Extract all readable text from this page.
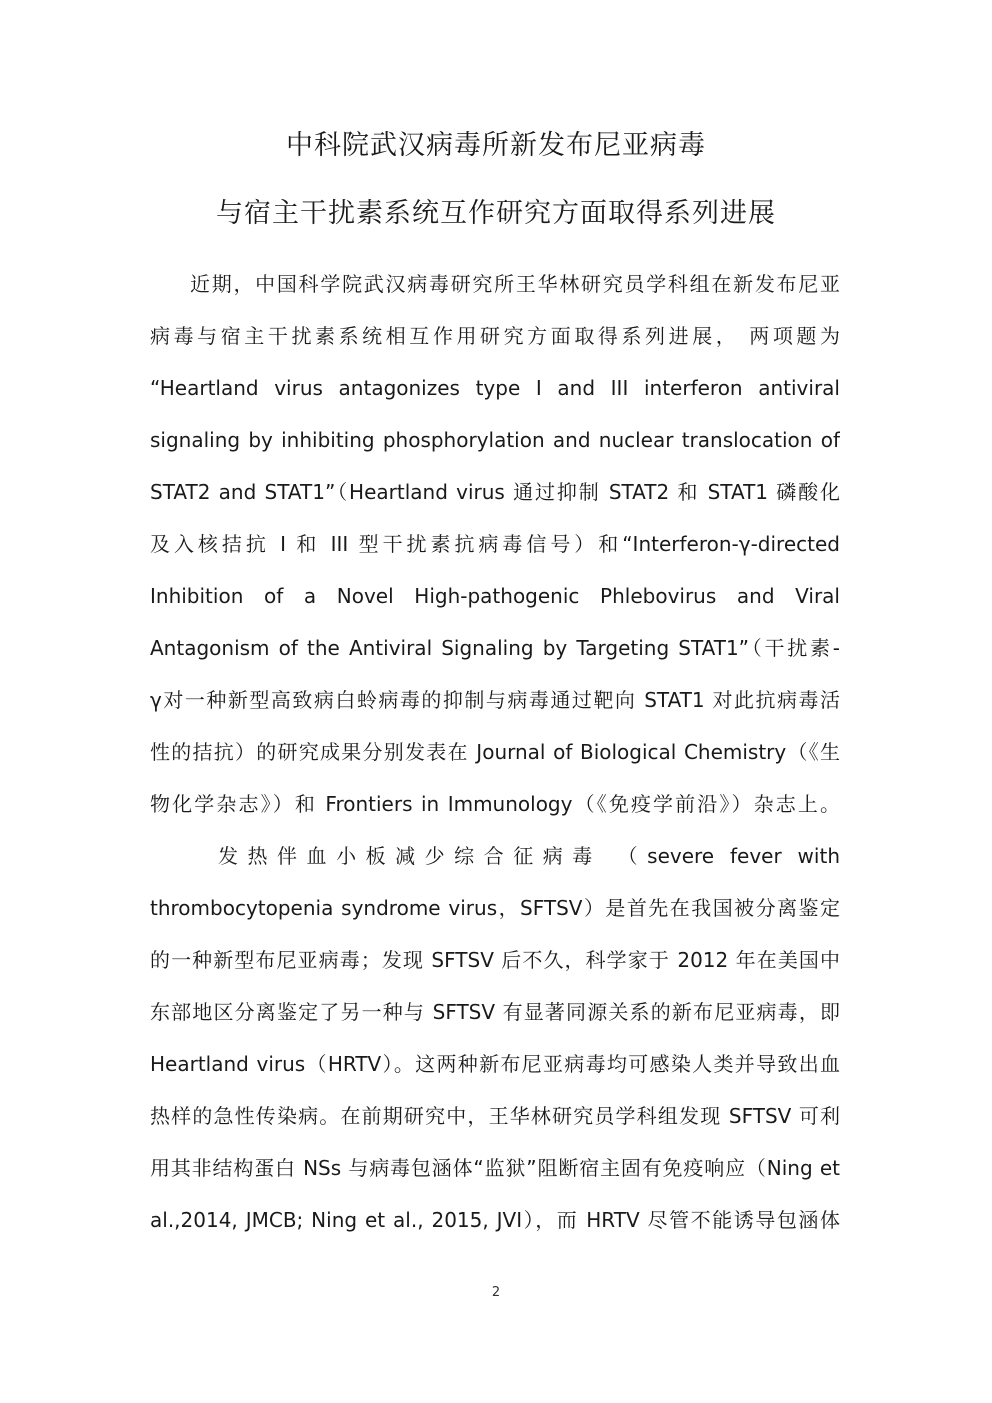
中科院武汉病毒所新发布尼亚病毒
与宿主干扰素系统互作研究方面取得系列进展
近期，中国科学院武汉病毒研究所王华林研究员学科组在新发布尼亚
病毒与宿主干扰素系统相互作用研究方面取得系列进展， 两项题为
“Heartland virus antagonizes type I and III interferon antiviral
signaling by inhibiting phosphorylation and nuclear translocation of
STAT2 and STAT1”（Heartland virus 通过抑制 STAT2 和 STAT1 磷酸化
及入核拮抗 I 和 III 型干扰素抗病毒信号）和“Interferon-γ-directed
Inhibition of a Novel High-pathogenic Phlebovirus and Viral
Antagonism of the Antiviral Signaling by Targeting STAT1”（干扰素-
γ对一种新型高致病白蛉病毒的抑制与病毒通过靶向 STAT1 对此抗病毒活
性的拮抗）的研究成果分别发表在 Journal of Biological Chemistry（《生
物化学杂志》）和 Frontiers in Immunology（《免疫学前沿》）杂志上。
发热伴血小板减少综合征病毒 （severe fever with
thrombocytopenia syndrome virus，SFTSV）是首先在我国被分离鉴定
的一种新型布尼亚病毒；发现 SFTSV 后不久，科学家于 2012 年在美国中
东部地区分离鉴定了另一种与 SFTSV 有显著同源关系的新布尼亚病毒，即
Heartland virus（HRTV）。这两种新布尼亚病毒均可感染人类并导致出血
热样的急性传染病。在前期研究中，王华林研究员学科组发现 SFTSV 可利
用其非结构蛋白 NSs 与病毒包涵体“监狱”阻断宿主固有免疫响应（Ning et
al.,2014, JMCB; Ning et al., 2015, JVI），而 HRTV 尽管不能诱导包涵体
2
